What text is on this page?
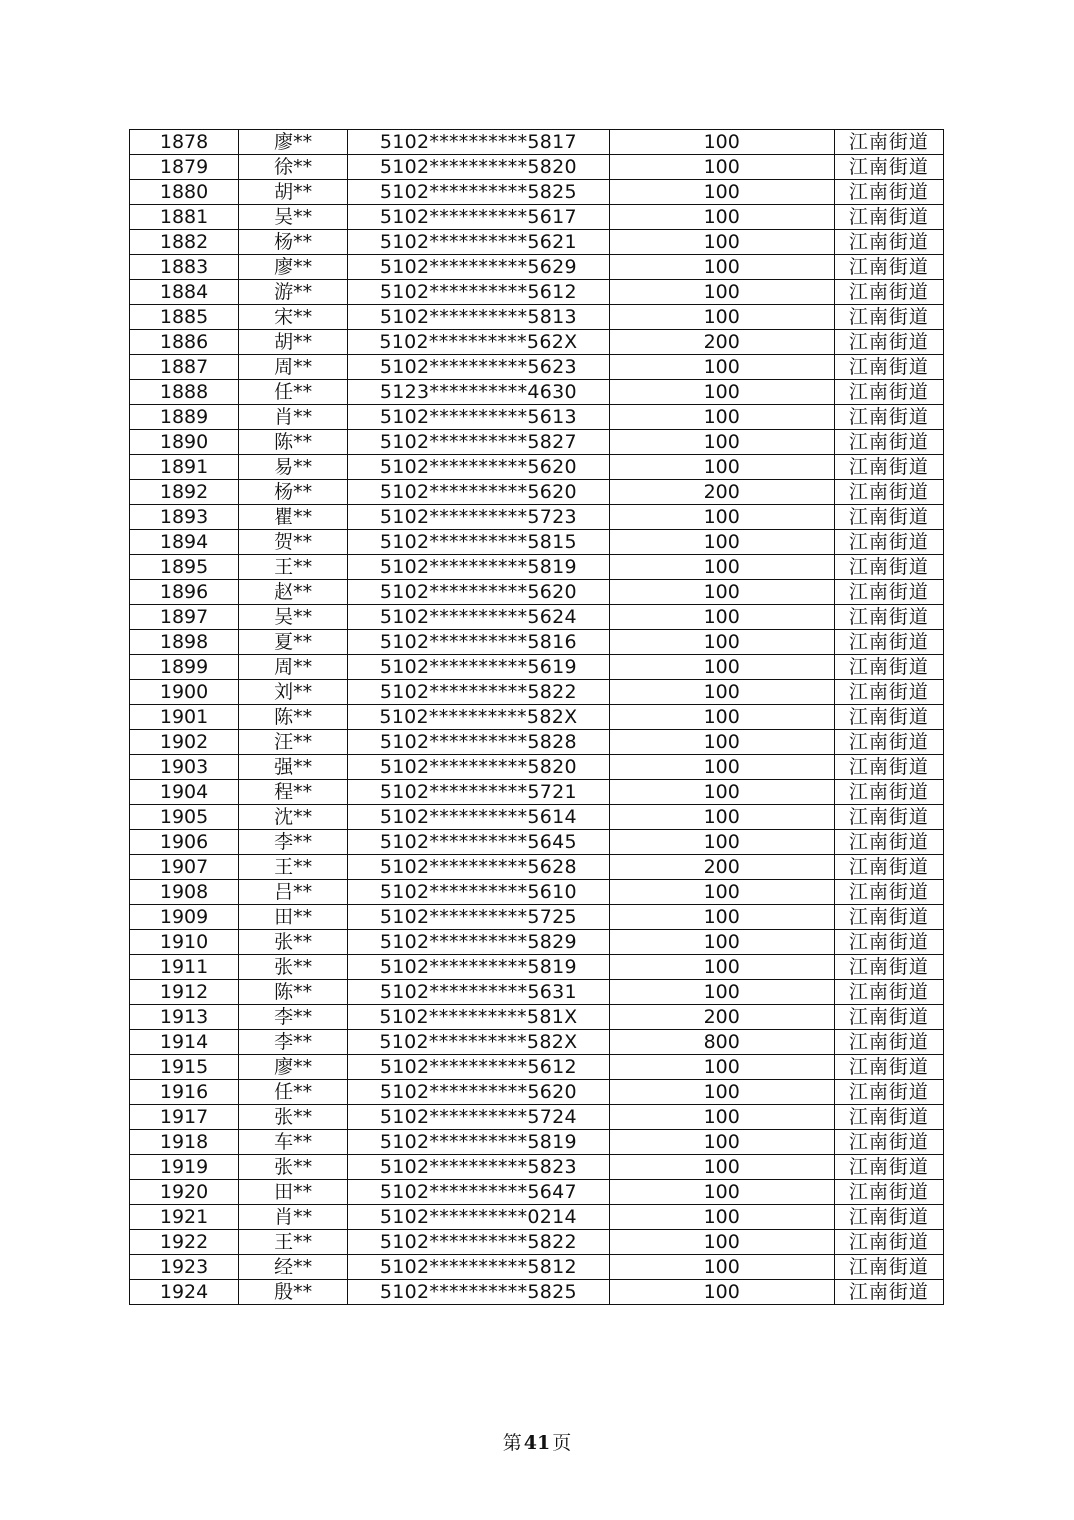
1878	廖**	5102**********5817	100	江南街道
1879	徐**	5102**********5820	100	江南街道
1880	胡**	5102**********5825	100	江南街道
1881	吴**	5102**********5617	100	江南街道
1882	杨**	5102**********5621	100	江南街道
1883	廖**	5102**********5629	100	江南街道
1884	游**	5102**********5612	100	江南街道
1885	宋**	5102**********5813	100	江南街道
1886	胡**	5102**********562X	200	江南街道
1887	周**	5102**********5623	100	江南街道
1888	任**	5123**********4630	100	江南街道
1889	肖**	5102**********5613	100	江南街道
1890	陈**	5102**********5827	100	江南街道
1891	易**	5102**********5620	100	江南街道
1892	杨**	5102**********5620	200	江南街道
1893	瞿**	5102**********5723	100	江南街道
1894	贺**	5102**********5815	100	江南街道
1895	王**	5102**********5819	100	江南街道
1896	赵**	5102**********5620	100	江南街道
1897	吴**	5102**********5624	100	江南街道
1898	夏**	5102**********5816	100	江南街道
1899	周**	5102**********5619	100	江南街道
1900	刘**	5102**********5822	100	江南街道
1901	陈**	5102**********582X	100	江南街道
1902	汪**	5102**********5828	100	江南街道
1903	强**	5102**********5820	100	江南街道
1904	程**	5102**********5721	100	江南街道
1905	沈**	5102**********5614	100	江南街道
1906	李**	5102**********5645	100	江南街道
1907	王**	5102**********5628	200	江南街道
1908	吕**	5102**********5610	100	江南街道
1909	田**	5102**********5725	100	江南街道
1910	张**	5102**********5829	100	江南街道
1911	张**	5102**********5819	100	江南街道
1912	陈**	5102**********5631	100	江南街道
1913	李**	5102**********581X	200	江南街道
1914	李**	5102**********582X	800	江南街道
1915	廖**	5102**********5612	100	江南街道
1916	任**	5102**********5620	100	江南街道
1917	张**	5102**********5724	100	江南街道
1918	车**	5102**********5819	100	江南街道
1919	张**	5102**********5823	100	江南街道
1920	田**	5102**********5647	100	江南街道
1921	肖**	5102**********0214	100	江南街道
1922	王**	5102**********5822	100	江南街道
1923	经**	5102**********5812	100	江南街道
1924	殷**	5102**********5825	100	江南街道
第 41 页
